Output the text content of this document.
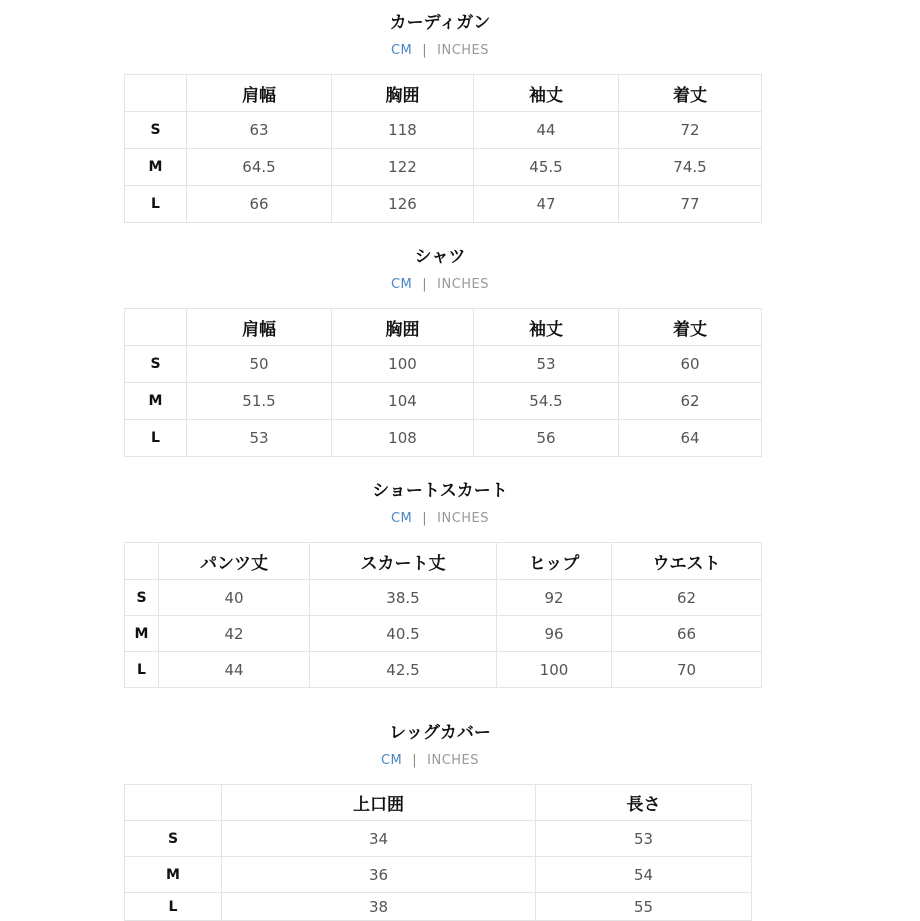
カーディガン
CM | INCHES
	肩幅	胸囲	袖丈	着丈
S	63	118	44	72
M	64.5	122	45.5	74.5
L	66	126	47	77
シャツ
CM | INCHES
	肩幅	胸囲	袖丈	着丈
S	50	100	53	60
M	51.5	104	54.5	62
L	53	108	56	64
ショートスカート
CM | INCHES
	パンツ丈	スカート丈	ヒップ	ウエスト
S	40	38.5	92	62
M	42	40.5	96	66
L	44	42.5	100	70
レッグカバー
CM | INCHES
	上口囲	長さ
S	34	53
M	36	54
L	38	55
